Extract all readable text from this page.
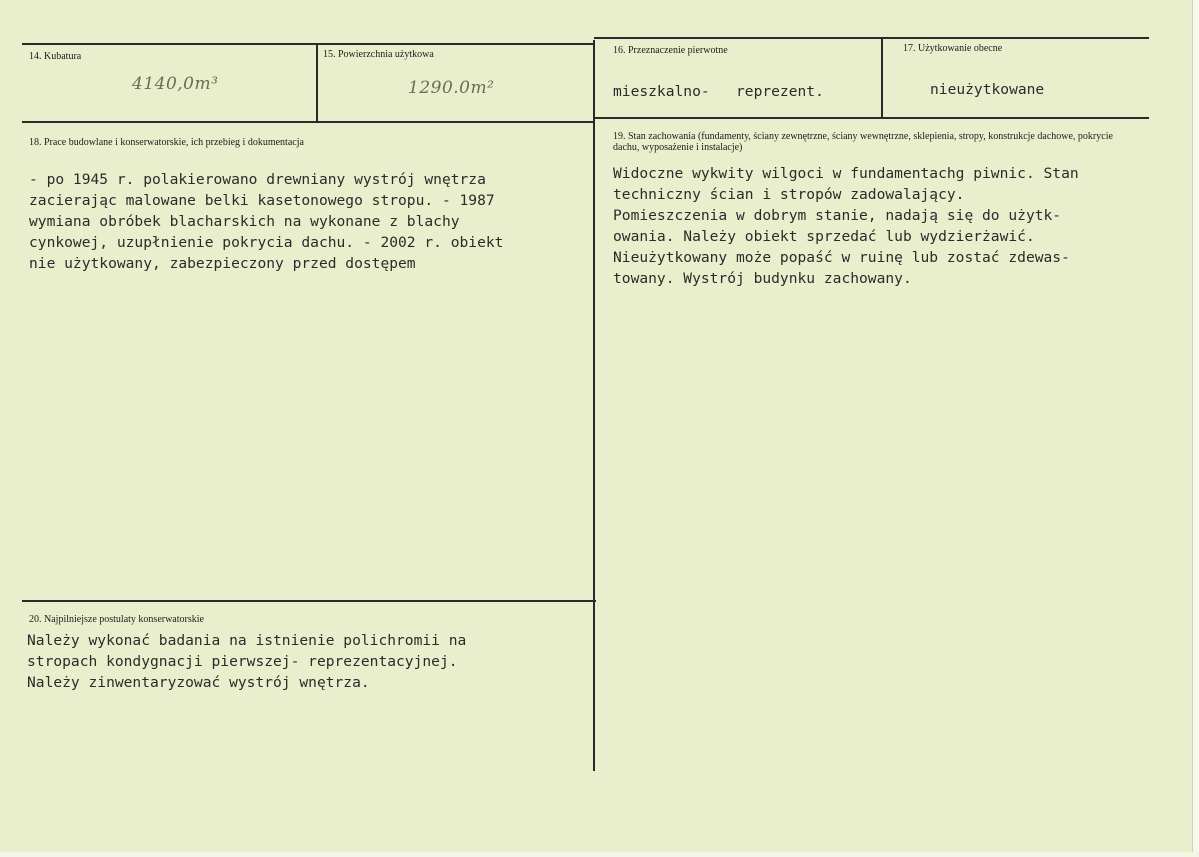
14. Kubatura
4140,0m³
15. Powierzchnia użytkowa
1290.0m²
16. Przeznaczenie pierwotne
mieszkalno-   reprezent.
17. Użytkowanie obecne
nieużytkowane
18. Prace budowlane i konserwatorskie, ich przebieg i dokumentacja
- po 1945 r. polakierowano drewniany wystrój wnętrza
zacierając malowane belki kasetonowego stropu. - 1987
wymiana obróbek blacharskich na wykonane z blachy
cynkowej, uzupłnienie pokrycia dachu. - 2002 r. obiekt
nie użytkowany, zabezpieczony przed dostępem
19. Stan zachowania (fundamenty, ściany zewnętrzne, ściany wewnętrzne, sklepienia, stropy, konstrukcje dachowe, pokrycie dachu, wyposażenie i instalacje)
Widoczne wykwity wilgoci w fundamentachg piwnic. Stan
techniczny ścian i stropów zadowalający.
Pomieszczenia w dobrym stanie, nadają się do użytk-
owania. Należy obiekt sprzedać lub wydzierżawić.
Nieużytkowany może popaść w ruinę lub zostać zdewas-
towany. Wystrój budynku zachowany.
20. Najpilniejsze postulaty konserwatorskie
Należy wykonać badania na istnienie polichromii na
stropach kondygnacji pierwszej- reprezentacyjnej.
Należy zinwentaryzować wystrój wnętrza.
